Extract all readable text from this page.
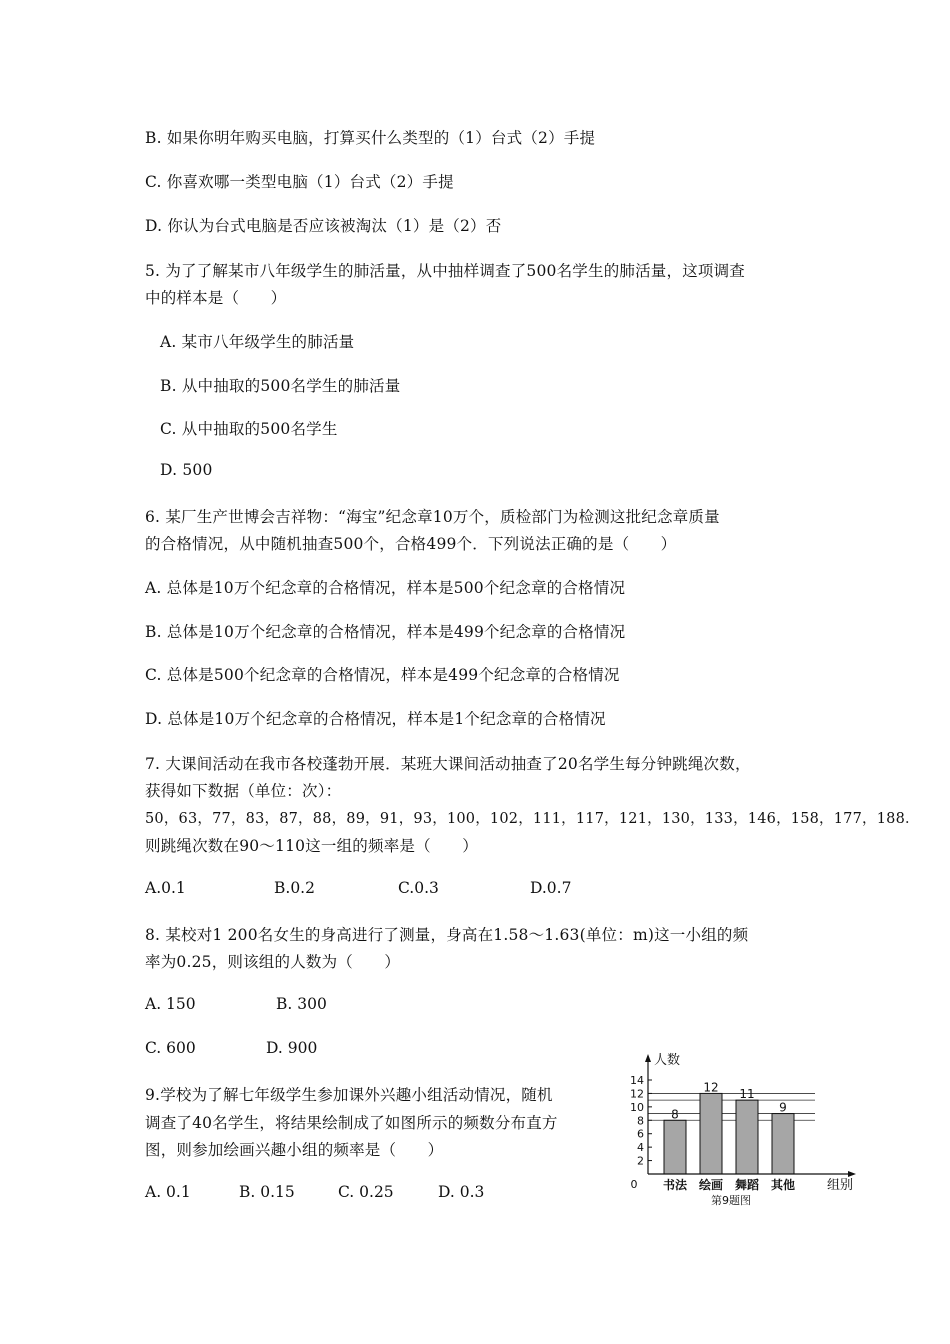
B. 如果你明年购买电脑，打算买什么类型的（1）台式（2）手提
C. 你喜欢哪一类型电脑（1）台式（2）手提
D. 你认为台式电脑是否应该被淘汰（1）是（2）否
5. 为了了解某市八年级学生的肺活量，从中抽样调查了500名学生的肺活量，这项调查
中的样本是（　　）
A. 某市八年级学生的肺活量
B. 从中抽取的500名学生的肺活量
C. 从中抽取的500名学生
D. 500
6. 某厂生产世博会吉祥物：“海宝”纪念章10万个，质检部门为检测这批纪念章质量
的合格情况，从中随机抽查500个，合格499个．下列说法正确的是（　　）
A. 总体是10万个纪念章的合格情况，样本是500个纪念章的合格情况
B. 总体是10万个纪念章的合格情况，样本是499个纪念章的合格情况
C. 总体是500个纪念章的合格情况，样本是499个纪念章的合格情况
D. 总体是10万个纪念章的合格情况，样本是1个纪念章的合格情况
7. 大课间活动在我市各校蓬勃开展．某班大课间活动抽查了20名学生每分钟跳绳次数，
获得如下数据（单位：次）：
50，63，77，83，87，88，89，91，93，100，102，111，117，121，130，133，146，158，177，188．
则跳绳次数在90～110这一组的频率是（　　）
A.0.1	B.0.2	C.0.3	D.0.7
8. 某校对1 200名女生的身高进行了测量，身高在1.58～1.63(单位：m)这一小组的频
率为0.25，则该组的人数为（　　）
A. 150	B. 300
C. 600	D. 900
9.学校为了解七年级学生参加课外兴趣小组活动情况，随机
调查了40名学生，将结果绘制成了如图所示的频数分布直方
图，则参加绘画兴趣小组的频率是（　　）
A. 0.1	B. 0.15	C. 0.25	D. 0.3
2
4
6
8
10
12
14
0
8
书法
12
绘画
11
舞蹈
9
其他
人数
组别
第9题图
